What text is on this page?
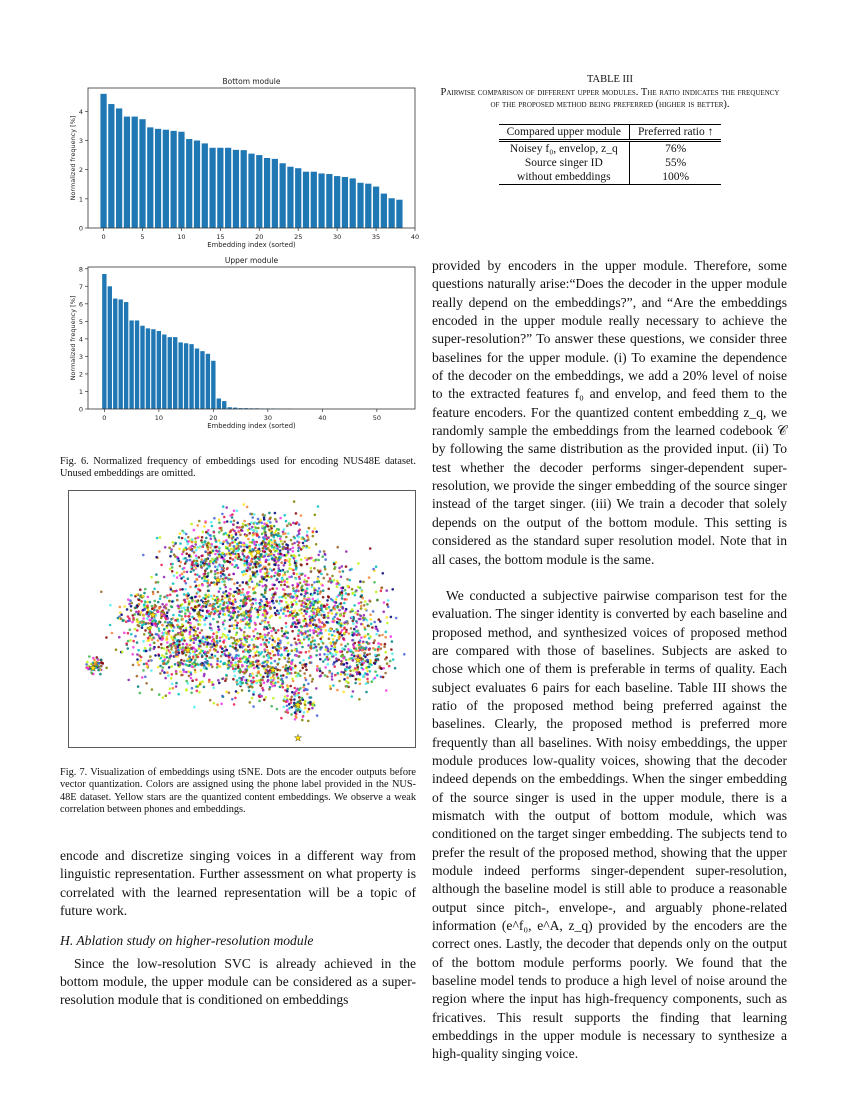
Bottom module
0	5	10	15	20	25	30	35	40
0
1
2
3
4
Embedding index (sorted)
Normalized frequency [%]
Upper module
0	10	20	30	40	50
0
1
2
3
4
5
6
7
8
Embedding index (sorted)
Normalized frequency [%]
Fig. 6. Normalized frequency of embeddings used for encoding NUS48E dataset. Unused embeddings are omitted.
Fig. 7. Visualization of embeddings using tSNE. Dots are the encoder outputs before vector quantization. Colors are assigned using the phone label provided in the NUS-48E dataset. Yellow stars are the quantized content embeddings. We observe a weak correlation between phones and embeddings.

encode and discretize singing voices in a different way from linguistic representation. Further assessment on what property is correlated with the learned representation will be a topic of future work.

H. Ablation study on higher-resolution module

Since the low-resolution SVC is already achieved in the bottom module, the upper module can be considered as a super-resolution module that is conditioned on embeddings

TABLE III
Pairwise comparison of different upper modules. The ratio indicates the frequency of the proposed method being preferred (higher is better).
Compared upper module	Preferred ratio ↑
Noisey f₀, envelop, z_q	76%
Source singer ID	55%
without embeddings	100%

provided by encoders in the upper module. Therefore, some questions naturally arise:“Does the decoder in the upper module really depend on the embeddings?”, and “Are the embeddings encoded in the upper module really necessary to achieve the super-resolution?” To answer these questions, we consider three baselines for the upper module. (i) To examine the dependence of the decoder on the embeddings, we add a 20% level of noise to the extracted features f₀ and envelop, and feed them to the feature encoders. For the quantized content embedding z_q, we randomly sample the embeddings from the learned codebook 𝒞 by following the same distribution as the provided input. (ii) To test whether the decoder performs singer-dependent super-resolution, we provide the singer embedding of the source singer instead of the target singer. (iii) We train a decoder that solely depends on the output of the bottom module. This setting is considered as the standard super resolution model. Note that in all cases, the bottom module is the same.

We conducted a subjective pairwise comparison test for the evaluation. The singer identity is converted by each baseline and proposed method, and synthesized voices of proposed method are compared with those of baselines. Subjects are asked to chose which one of them is preferable in terms of quality. Each subject evaluates 6 pairs for each baseline. Table III shows the ratio of the proposed method being preferred against the baselines. Clearly, the proposed method is preferred more frequently than all baselines. With noisy embeddings, the upper module produces low-quality voices, showing that the decoder indeed depends on the embeddings. When the singer embedding of the source singer is used in the upper module, there is a mismatch with the output of bottom module, which was conditioned on the target singer embedding. The subjects tend to prefer the result of the proposed method, showing that the upper module indeed performs singer-dependent super-resolution, although the baseline model is still able to produce a reasonable output since pitch-, envelope-, and arguably phone-related information (e^f₀, e^A, z_q) provided by the encoders are the correct ones. Lastly, the decoder that depends only on the output of the bottom module performs poorly. We found that the baseline model tends to produce a high level of noise around the region where the input has high-frequency components, such as fricatives. This result supports the finding that learning embeddings in the upper module is necessary to synthesize a high-quality singing voice.
